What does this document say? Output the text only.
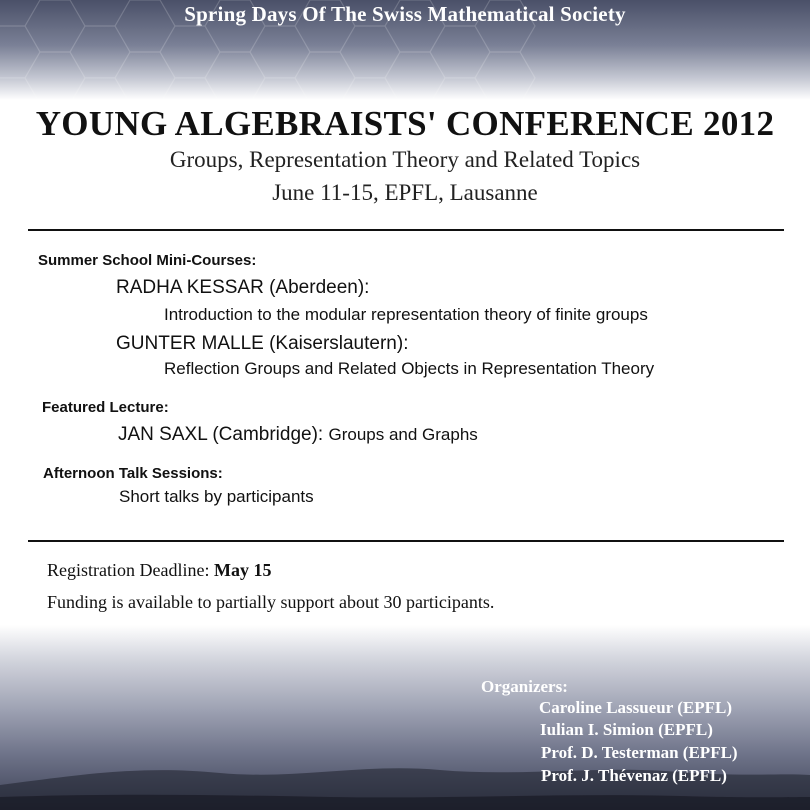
Spring Days Of The Swiss Mathematical Society
YOUNG ALGEBRAISTS' CONFERENCE 2012
Groups, Representation Theory and Related Topics
June 11-15, EPFL, Lausanne
Summer School Mini-Courses:
RADHA KESSAR (Aberdeen):
Introduction to the modular representation theory of finite groups
GUNTER MALLE (Kaiserslautern):
Reflection Groups and Related Objects in Representation Theory
Featured Lecture:
JAN SAXL (Cambridge): Groups and Graphs
Afternoon Talk Sessions:
Short talks by participants
Registration Deadline: May 15
Funding is available to partially support about 30 participants.
Organizers:
Caroline Lassueur (EPFL)
Iulian I. Simion (EPFL)
Prof. D. Testerman (EPFL)
Prof. J. Thévenaz (EPFL)
